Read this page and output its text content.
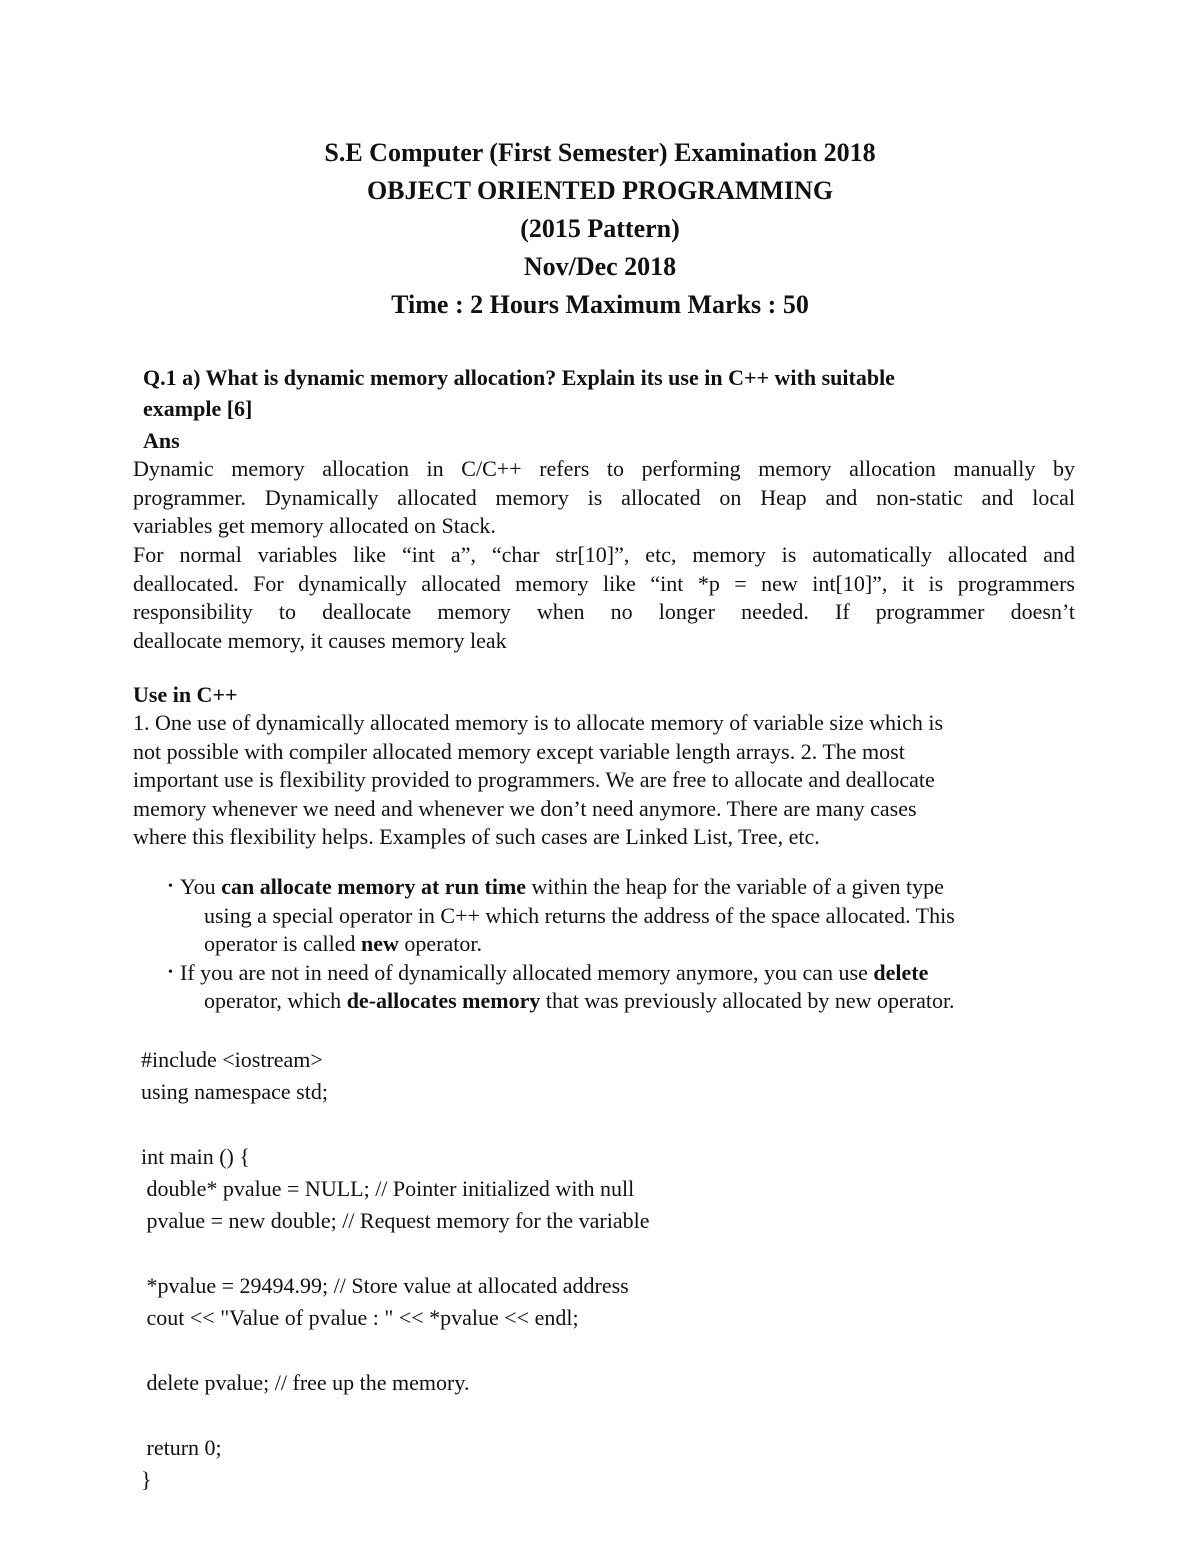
S.E Computer (First Semester) Examination 2018
OBJECT ORIENTED PROGRAMMING
(2015 Pattern)
Nov/Dec 2018
Time : 2 Hours Maximum Marks : 50
Q.1 a) What is dynamic memory allocation? Explain its use in C++ with suitable
example [6]
Ans
Dynamic memory allocation in C/C++ refers to performing memory allocation manually by
programmer. Dynamically allocated memory is allocated on Heap and non-static and local
variables get memory allocated on Stack.
For normal variables like “int a”, “char str[10]”, etc, memory is automatically allocated and
deallocated. For dynamically allocated memory like “int *p = new int[10]”, it is programmers
responsibility to deallocate memory when no longer needed. If programmer doesn’t
deallocate memory, it causes memory leak
Use in C++
1. One use of dynamically allocated memory is to allocate memory of variable size which is
not possible with compiler allocated memory except variable length arrays. 2. The most
important use is flexibility provided to programmers. We are free to allocate and deallocate
memory whenever we need and whenever we don’t need anymore. There are many cases
where this flexibility helps. Examples of such cases are Linked List, Tree, etc.
• You can allocate memory at run time within the heap for the variable of a given type
using a special operator in C++ which returns the address of the space allocated. This
operator is called new operator.
• If you are not in need of dynamically allocated memory anymore, you can use delete
operator, which de-allocates memory that was previously allocated by new operator.
#include <iostream>
using namespace std;
int main () {
double* pvalue = NULL; // Pointer initialized with null
pvalue = new double; // Request memory for the variable
*pvalue = 29494.99; // Store value at allocated address
cout << "Value of pvalue : " << *pvalue << endl;
delete pvalue; // free up the memory.
return 0;
}
